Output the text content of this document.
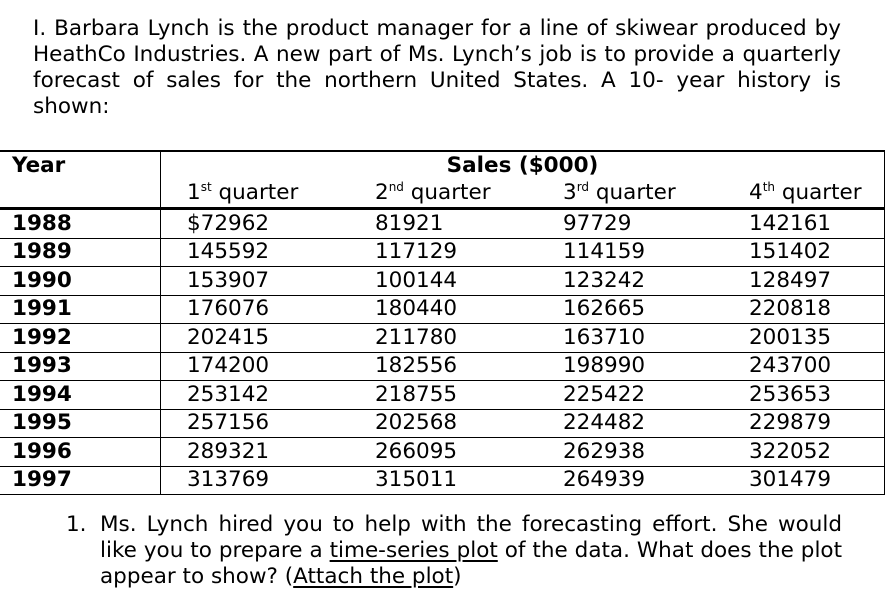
I. Barbara Lynch is the product manager for a line of skiwear produced by HeathCo Industries. A new part of Ms. Lynch’s job is to provide a quarterly forecast of sales for the northern United States. A 10- year history is shown:

Year	Sales ($000)			
	1st quarter	2nd quarter	3rd quarter	4th quarter
1988	$72962	81921	97729	142161
1989	145592	117129	114159	151402
1990	153907	100144	123242	128497
1991	176076	180440	162665	220818
1992	202415	211780	163710	200135
1993	174200	182556	198990	243700
1994	253142	218755	225422	253653
1995	257156	202568	224482	229879
1996	289321	266095	262938	322052
1997	313769	315011	264939	301479
1. Ms. Lynch hired you to help with the forecasting effort. She would like you to prepare a time-series plot of the data. What does the plot appear to show? (Attach the plot)
